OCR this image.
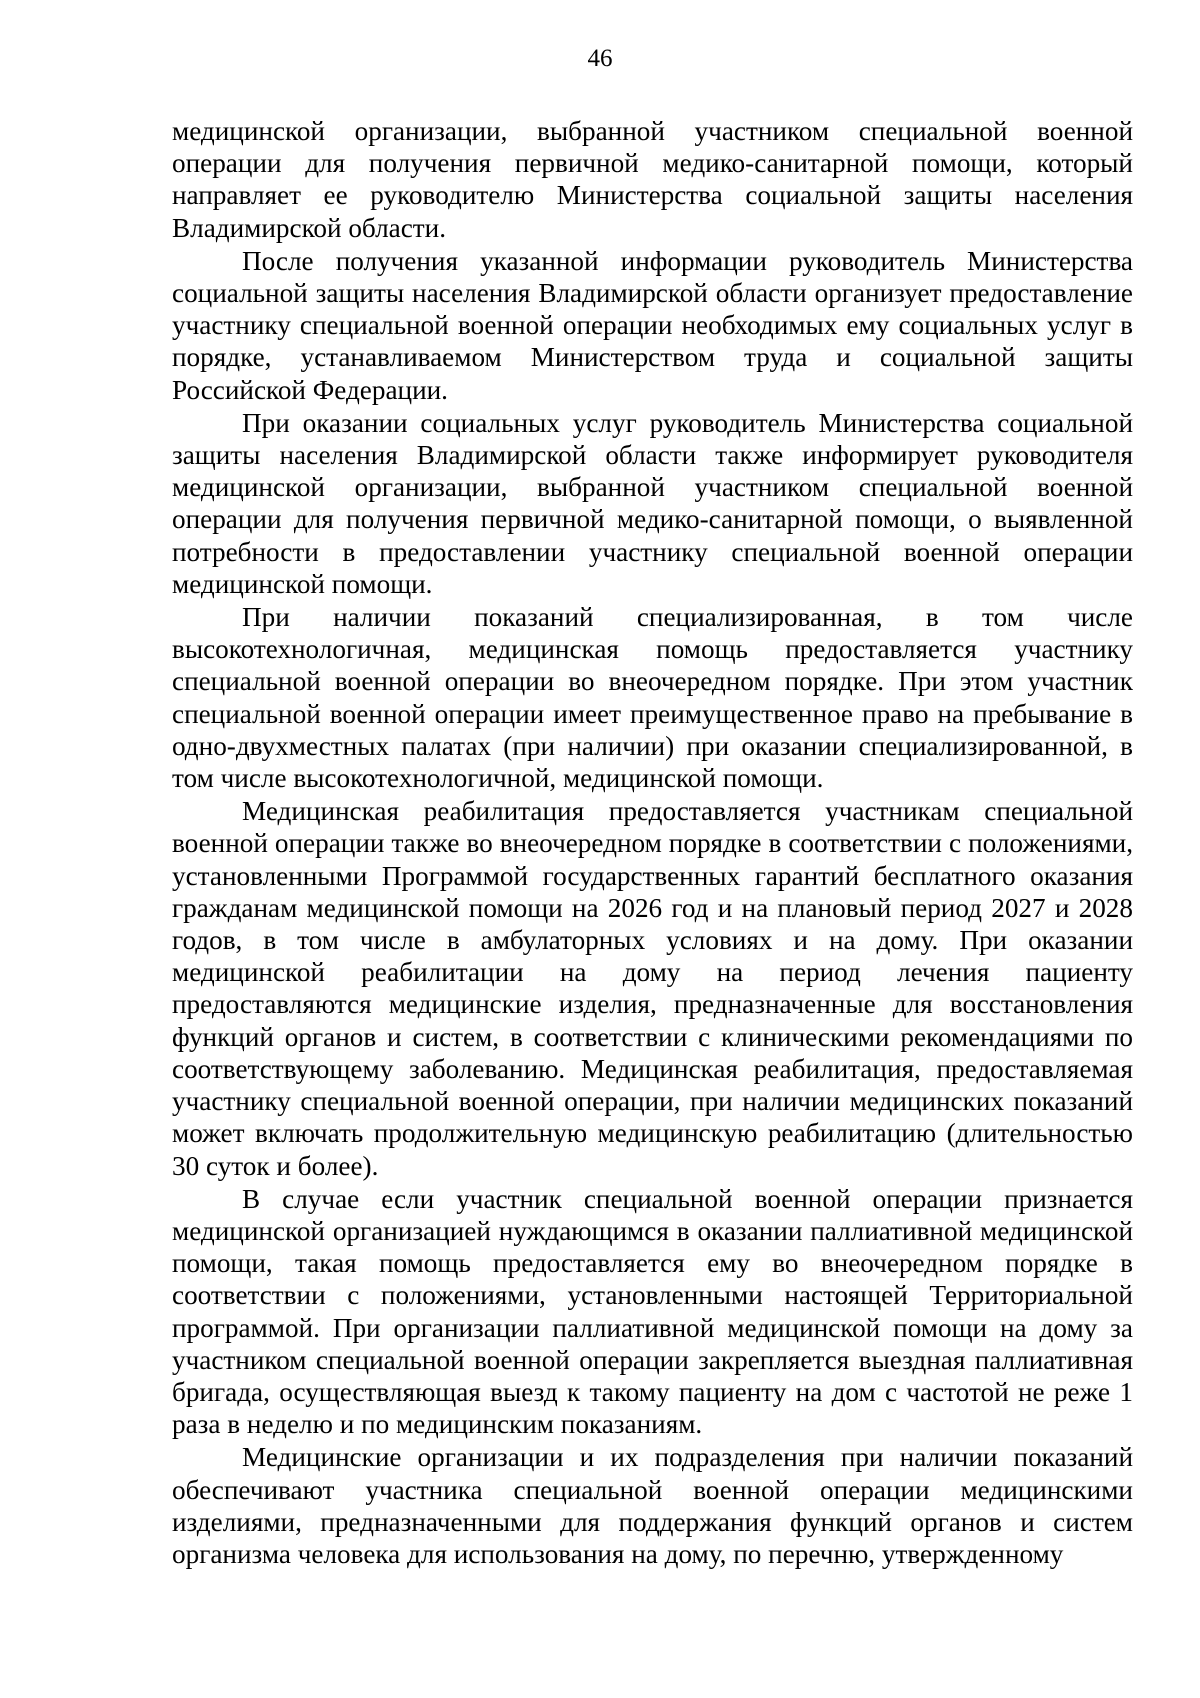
46

медицинской организации, выбранной участником специальной военной операции для получения первичной медико-санитарной помощи, который направляет ее руководителю Министерства социальной защиты населения Владимирской области.

После получения указанной информации руководитель Министерства социальной защиты населения Владимирской области организует предоставление участнику специальной военной операции необходимых ему социальных услуг в порядке, устанавливаемом Министерством труда и социальной защиты Российской Федерации.

При оказании социальных услуг руководитель Министерства социальной защиты населения Владимирской области также информирует руководителя медицинской организации, выбранной участником специальной военной операции для получения первичной медико-санитарной помощи, о выявленной потребности в предоставлении участнику специальной военной операции медицинской помощи.

При наличии показаний специализированная, в том числе высокотехнологичная, медицинская помощь предоставляется участнику специальной военной операции во внеочередном порядке. При этом участник специальной военной операции имеет преимущественное право на пребывание в одно-двухместных палатах (при наличии) при оказании специализированной, в том числе высокотехнологичной, медицинской помощи.

Медицинская реабилитация предоставляется участникам специальной военной операции также во внеочередном порядке в соответствии с положениями, установленными Программой государственных гарантий бесплатного оказания гражданам медицинской помощи на 2026 год и на плановый период 2027 и 2028 годов, в том числе в амбулаторных условиях и на дому. При оказании медицинской реабилитации на дому на период лечения пациенту предоставляются медицинские изделия, предназначенные для восстановления функций органов и систем, в соответствии с клиническими рекомендациями по соответствующему заболеванию. Медицинская реабилитация, предоставляемая участнику специальной военной операции, при наличии медицинских показаний может включать продолжительную медицинскую реабилитацию (длительностью 30 суток и более).

В случае если участник специальной военной операции признается медицинской организацией нуждающимся в оказании паллиативной медицинской помощи, такая помощь предоставляется ему во внеочередном порядке в соответствии с положениями, установленными настоящей Территориальной программой. При организации паллиативной медицинской помощи на дому за участником специальной военной операции закрепляется выездная паллиативная бригада, осуществляющая выезд к такому пациенту на дом с частотой не реже 1 раза в неделю и по медицинским показаниям.

Медицинские организации и их подразделения при наличии показаний обеспечивают участника специальной военной операции медицинскими изделиями, предназначенными для поддержания функций органов и систем организма человека для использования на дому, по перечню, утвержденному
